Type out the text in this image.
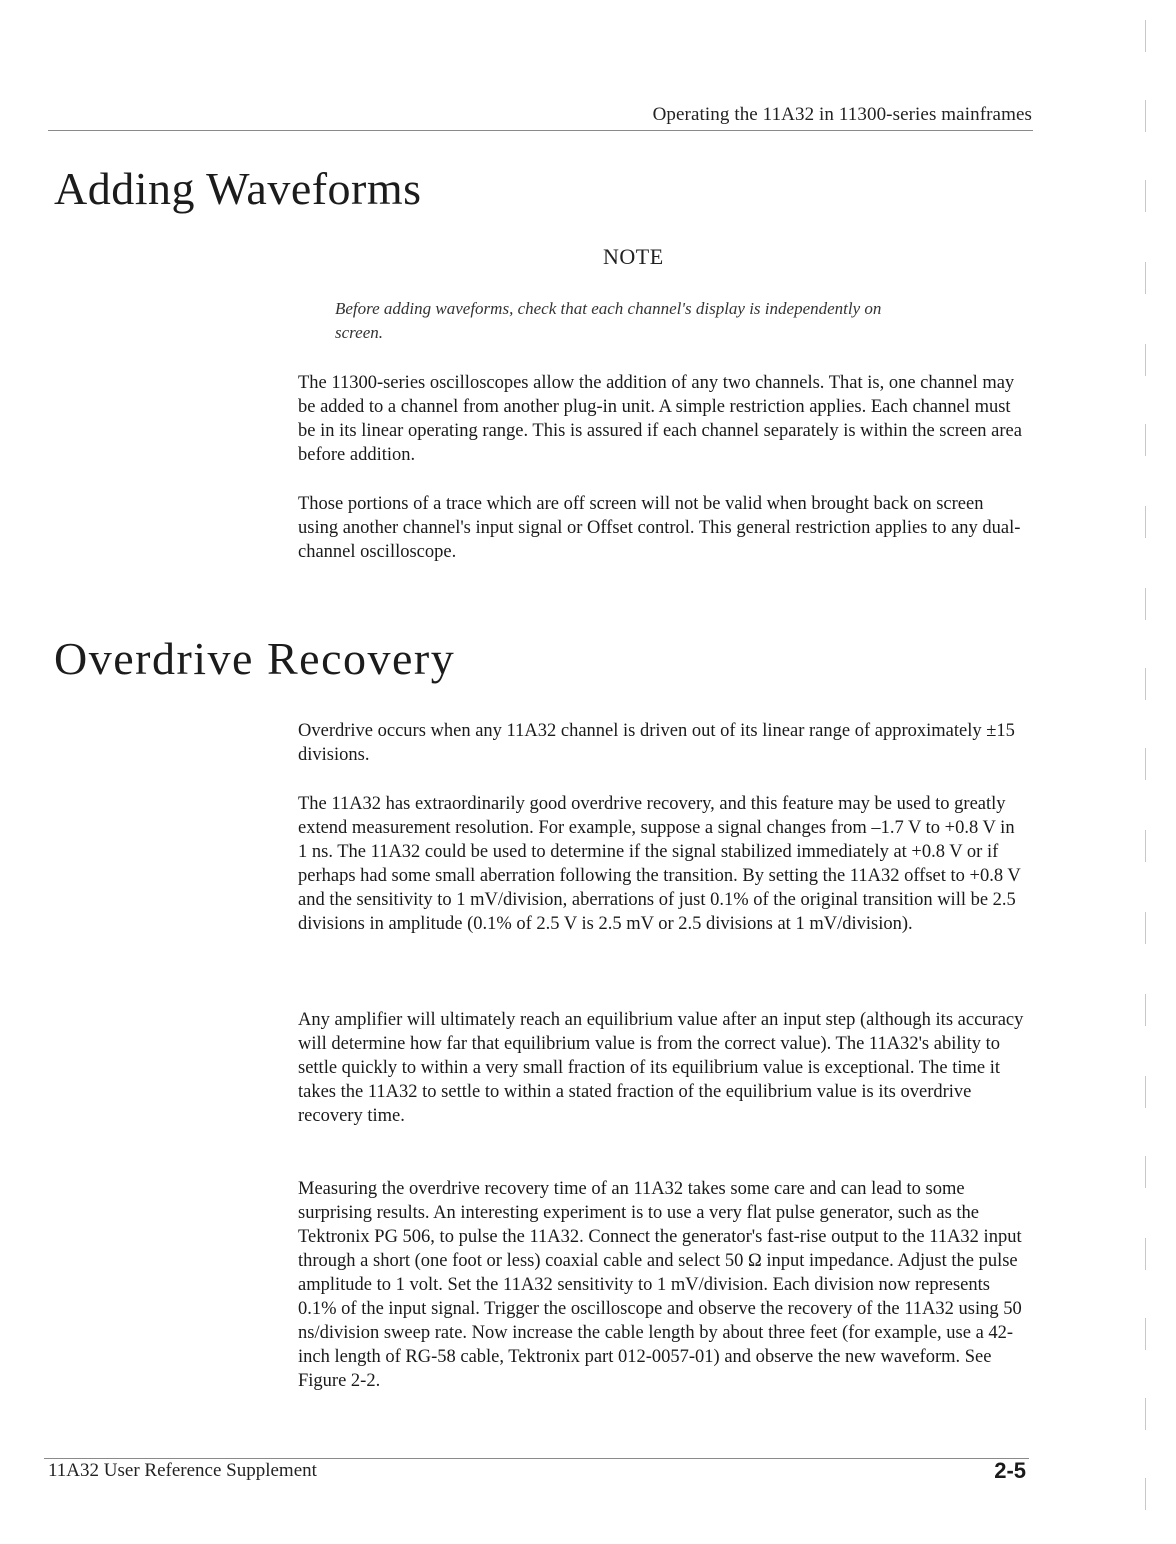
Operating the 11A32 in 11300-series mainframes
Adding Waveforms
NOTE
Before adding waveforms, check that each channel's display is independently on screen.

The 11300-series oscilloscopes allow the addition of any two channels. That is, one channel may be added to a channel from another plug-in unit. A simple restriction applies. Each channel must be in its linear operating range. This is assured if each channel separately is within the screen area before addition.

Those portions of a trace which are off screen will not be valid when brought back on screen using another channel's input signal or Offset control. This general restriction applies to any dual-channel oscilloscope.

Overdrive Recovery

Overdrive occurs when any 11A32 channel is driven out of its linear range of approximately ±15 divisions.

The 11A32 has extraordinarily good overdrive recovery, and this feature may be used to greatly extend measurement resolution. For example, suppose a signal changes from –1.7 V to +0.8 V in 1 ns. The 11A32 could be used to determine if the signal stabilized immediately at +0.8 V or if perhaps had some small aberration following the transition. By setting the 11A32 offset to +0.8 V and the sensitivity to 1 mV/division, aberrations of just 0.1% of the original transition will be 2.5 divisions in amplitude (0.1% of 2.5 V is 2.5 mV or 2.5 divisions at 1 mV/division).

Any amplifier will ultimately reach an equilibrium value after an input step (although its accuracy will determine how far that equilibrium value is from the correct value). The 11A32's ability to settle quickly to within a very small fraction of its equilibrium value is exceptional. The time it takes the 11A32 to settle to within a stated fraction of the equilibrium value is its overdrive recovery time.

Measuring the overdrive recovery time of an 11A32 takes some care and can lead to some surprising results. An interesting experiment is to use a very flat pulse generator, such as the Tektronix PG 506, to pulse the 11A32. Connect the generator's fast-rise output to the 11A32 input through a short (one foot or less) coaxial cable and select 50 Ω input impedance. Adjust the pulse amplitude to 1 volt. Set the 11A32 sensitivity to 1 mV/division. Each division now represents 0.1% of the input signal. Trigger the oscilloscope and observe the recovery of the 11A32 using 50 ns/division sweep rate. Now increase the cable length by about three feet (for example, use a 42-inch length of RG-58 cable, Tektronix part 012-0057-01) and observe the new waveform. See Figure 2-2.

11A32 User Reference Supplement	2-5
